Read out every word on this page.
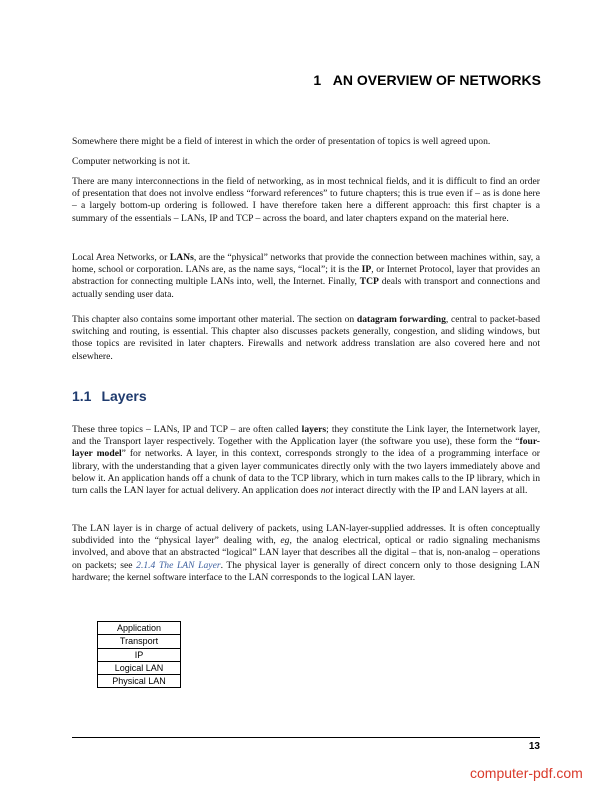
1 AN OVERVIEW OF NETWORKS

Somewhere there might be a field of interest in which the order of presentation of topics is well agreed upon.

Computer networking is not it.

There are many interconnections in the field of networking, as in most technical fields, and it is difficult to find an order of presentation that does not involve endless “forward references” to future chapters; this is true even if – as is done here – a largely bottom-up ordering is followed. I have therefore taken here a different approach: this first chapter is a summary of the essentials – LANs, IP and TCP – across the board, and later chapters expand on the material here.

Local Area Networks, or LANs, are the “physical” networks that provide the connection between machines within, say, a home, school or corporation. LANs are, as the name says, “local”; it is the IP, or Internet Protocol, layer that provides an abstraction for connecting multiple LANs into, well, the Internet. Finally, TCP deals with transport and connections and actually sending user data.

This chapter also contains some important other material. The section on datagram forwarding, central to packet-based switching and routing, is essential. This chapter also discusses packets generally, congestion, and sliding windows, but those topics are revisited in later chapters. Firewalls and network address translation are also covered here and not elsewhere.

1.1 Layers

These three topics – LANs, IP and TCP – are often called layers; they constitute the Link layer, the Internetwork layer, and the Transport layer respectively. Together with the Application layer (the software you use), these form the “four-layer model” for networks. A layer, in this context, corresponds strongly to the idea of a programming interface or library, with the understanding that a given layer communicates directly only with the two layers immediately above and below it. An application hands off a chunk of data to the TCP library, which in turn makes calls to the IP library, which in turn calls the LAN layer for actual delivery. An application does not interact directly with the IP and LAN layers at all.

The LAN layer is in charge of actual delivery of packets, using LAN-layer-supplied addresses. It is often conceptually subdivided into the “physical layer” dealing with, eg, the analog electrical, optical or radio signaling mechanisms involved, and above that an abstracted “logical” LAN layer that describes all the digital – that is, non-analog – operations on packets; see 2.1.4 The LAN Layer. The physical layer is generally of direct concern only to those designing LAN hardware; the kernel software interface to the LAN corresponds to the logical LAN layer.

Application
Transport
IP
Logical LAN
Physical LAN
13
computer-pdf.com
